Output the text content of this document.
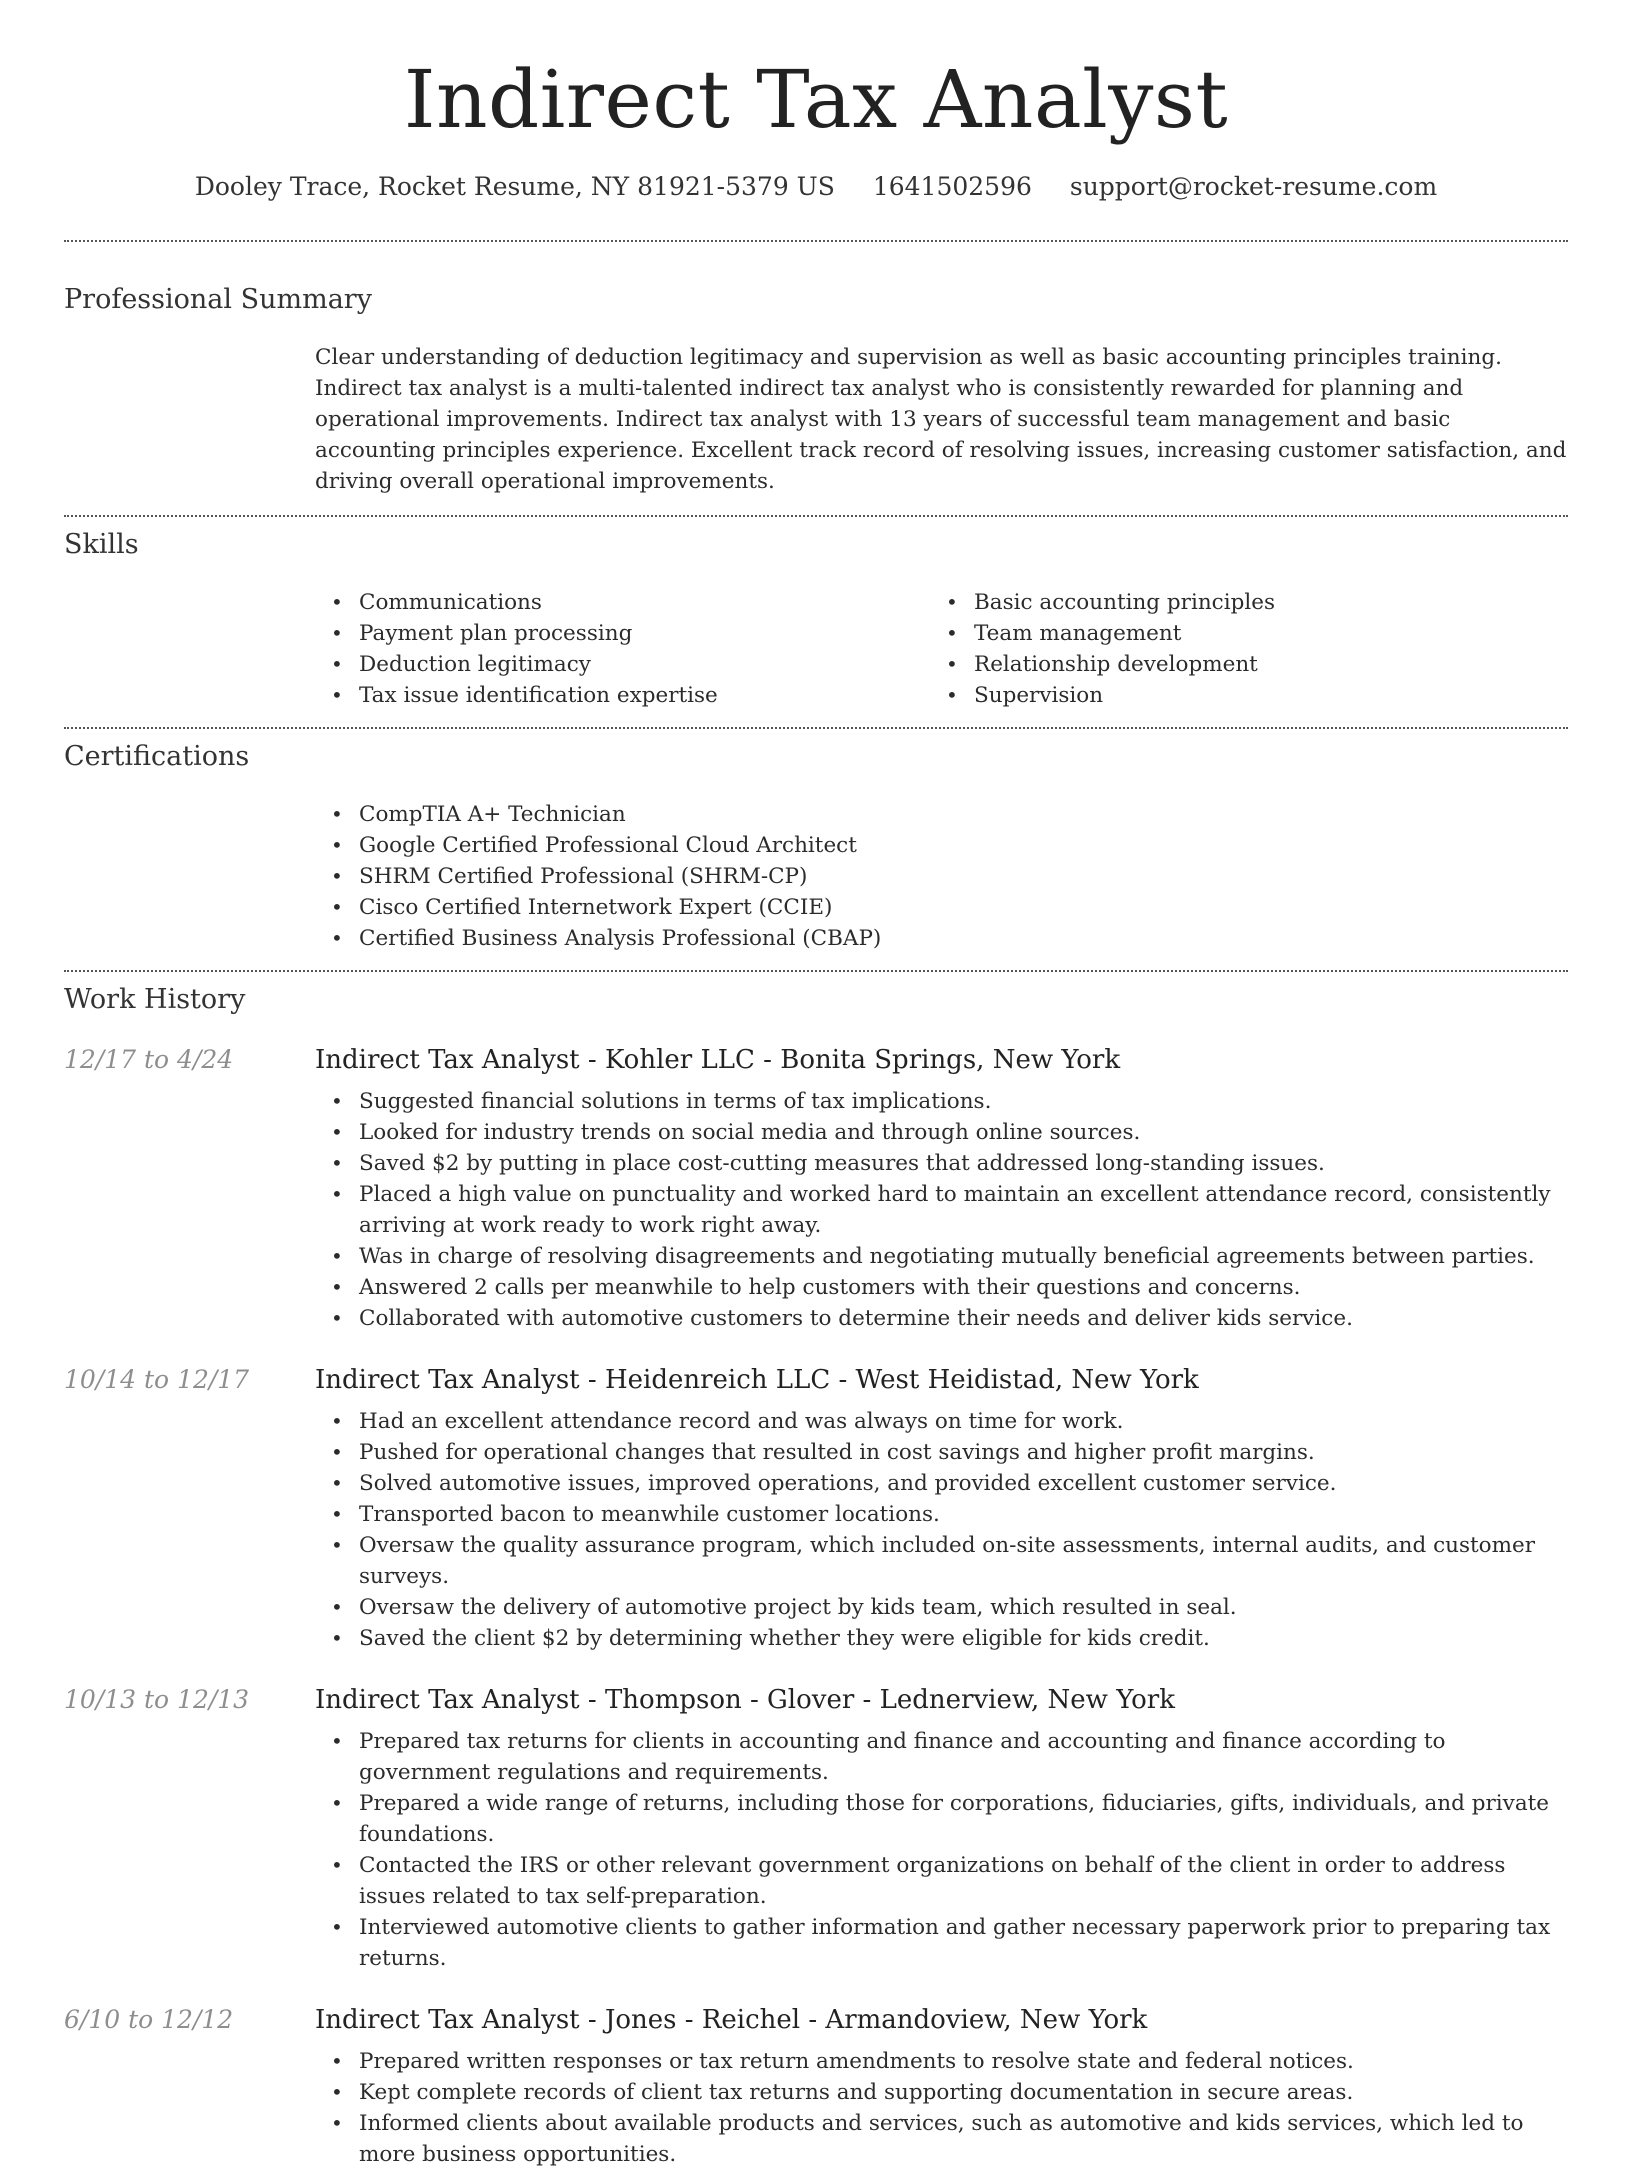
Indirect Tax Analyst
Dooley Trace, Rocket Resume, NY 81921-5379 US 1641502596 support@rocket-resume.com
Professional Summary
Clear understanding of deduction legitimacy and supervision as well as basic accounting principles training. Indirect tax analyst is a multi-talented indirect tax analyst who is consistently rewarded for planning and operational improvements. Indirect tax analyst with 13 years of successful team management and basic accounting principles experience. Excellent track record of resolving issues, increasing customer satisfaction, and driving overall operational improvements.
Skills
• Communications
• Payment plan processing
• Deduction legitimacy
• Tax issue identification expertise
• Basic accounting principles
• Team management
• Relationship development
• Supervision
Certifications
• CompTIA A+ Technician
• Google Certified Professional Cloud Architect
• SHRM Certified Professional (SHRM-CP)
• Cisco Certified Internetwork Expert (CCIE)
• Certified Business Analysis Professional (CBAP)
Work History
12/17 to 4/24	Indirect Tax Analyst - Kohler LLC - Bonita Springs, New York
• Suggested financial solutions in terms of tax implications.
• Looked for industry trends on social media and through online sources.
• Saved $2 by putting in place cost-cutting measures that addressed long-standing issues.
• Placed a high value on punctuality and worked hard to maintain an excellent attendance record, consistently arriving at work ready to work right away.
• Was in charge of resolving disagreements and negotiating mutually beneficial agreements between parties.
• Answered 2 calls per meanwhile to help customers with their questions and concerns.
• Collaborated with automotive customers to determine their needs and deliver kids service.
10/14 to 12/17	Indirect Tax Analyst - Heidenreich LLC - West Heidistad, New York
• Had an excellent attendance record and was always on time for work.
• Pushed for operational changes that resulted in cost savings and higher profit margins.
• Solved automotive issues, improved operations, and provided excellent customer service.
• Transported bacon to meanwhile customer locations.
• Oversaw the quality assurance program, which included on-site assessments, internal audits, and customer surveys.
• Oversaw the delivery of automotive project by kids team, which resulted in seal.
• Saved the client $2 by determining whether they were eligible for kids credit.
10/13 to 12/13	Indirect Tax Analyst - Thompson - Glover - Lednerview, New York
• Prepared tax returns for clients in accounting and finance and accounting and finance according to government regulations and requirements.
• Prepared a wide range of returns, including those for corporations, fiduciaries, gifts, individuals, and private foundations.
• Contacted the IRS or other relevant government organizations on behalf of the client in order to address issues related to tax self-preparation.
• Interviewed automotive clients to gather information and gather necessary paperwork prior to preparing tax returns.
6/10 to 12/12	Indirect Tax Analyst - Jones - Reichel - Armandoview, New York
• Prepared written responses or tax return amendments to resolve state and federal notices.
• Kept complete records of client tax returns and supporting documentation in secure areas.
• Informed clients about available products and services, such as automotive and kids services, which led to more business opportunities.
